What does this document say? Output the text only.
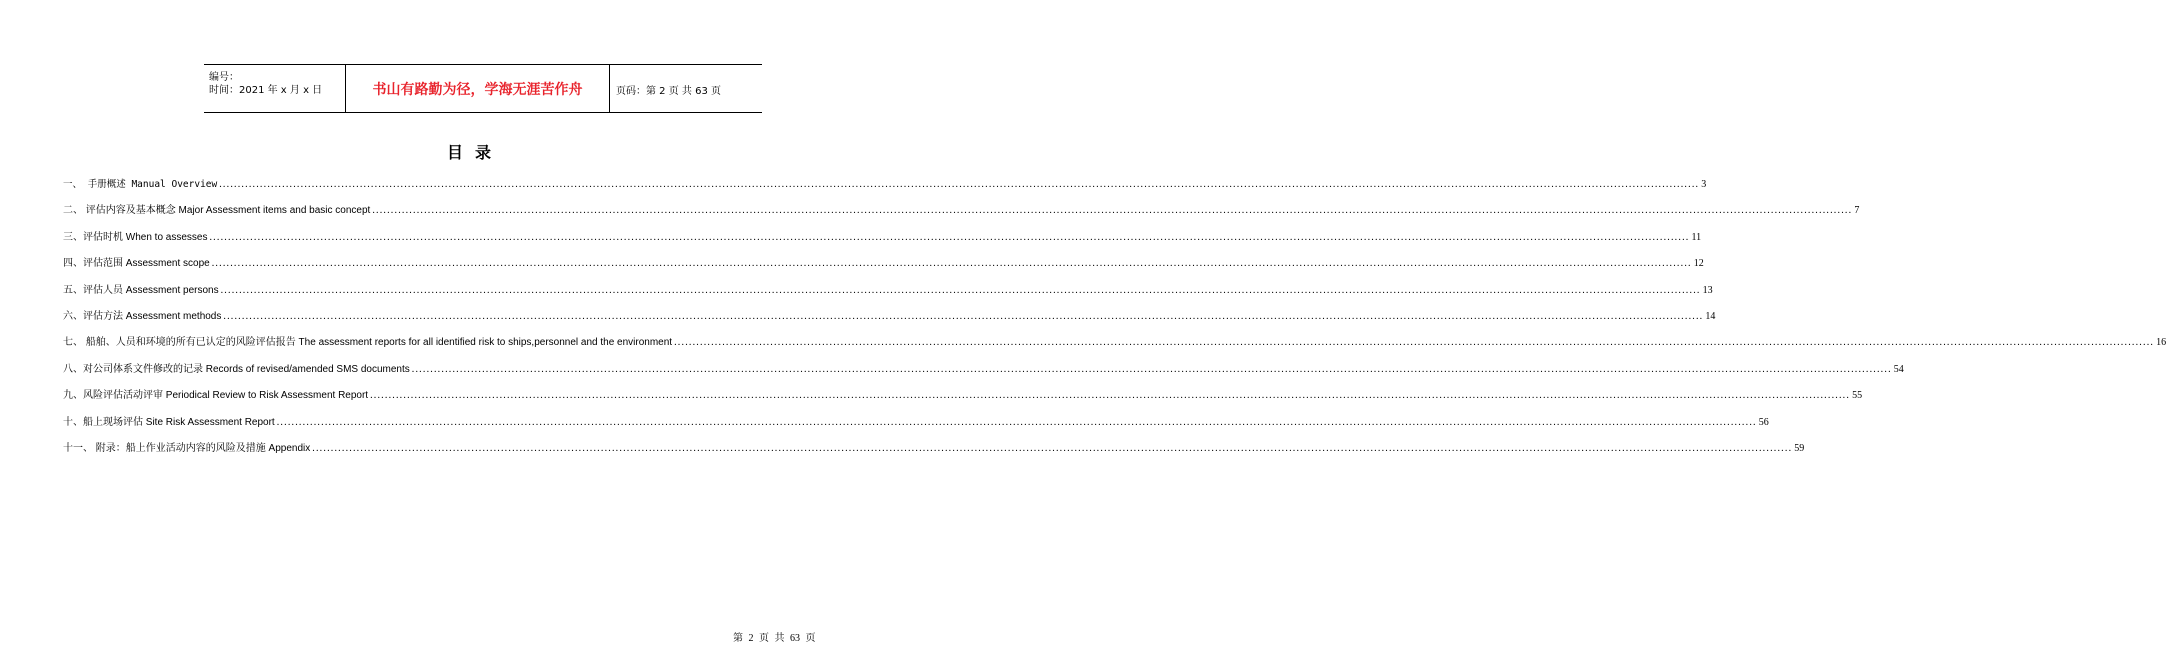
编号：
时间：2021 年 x 月 x 日	书山有路勤为径，学海无涯苦作舟	页码：第 2 页 共 63 页
目录
一、 手册概述 Manual Overview ................................................................................................................................................................................................................................................................................................................................................................................................................ 3
二、 评估内容及基本概念 Major Assessment items and basic concept ................................................................................................................................................................................................................................................................................................................................................................................................................ 7
三、评估时机 When to assesses ................................................................................................................................................................................................................................................................................................................................................................................................................ 11
四、评估范围 Assessment scope ................................................................................................................................................................................................................................................................................................................................................................................................................ 12
五、评估人员 Assessment persons ................................................................................................................................................................................................................................................................................................................................................................................................................ 13
六、评估方法 Assessment methods ................................................................................................................................................................................................................................................................................................................................................................................................................ 14
七、 船舶、人员和环境的所有已认定的风险评估报告 The assessment reports for all identified risk to ships,personnel and the environment ................................................................................................................................................................................................................................................................................................................................................................................................................ 16
八、对公司体系文件修改的记录 Records of revised/amended SMS documents ................................................................................................................................................................................................................................................................................................................................................................................................................ 54
九、风险评估活动评审 Periodical Review to Risk Assessment Report ................................................................................................................................................................................................................................................................................................................................................................................................................ 55
十、船上现场评估 Site Risk Assessment Report ................................................................................................................................................................................................................................................................................................................................................................................................................ 56
十一、 附录：船上作业活动内容的风险及措施 Appendix ................................................................................................................................................................................................................................................................................................................................................................................................................ 59
第 2 页 共 63 页
